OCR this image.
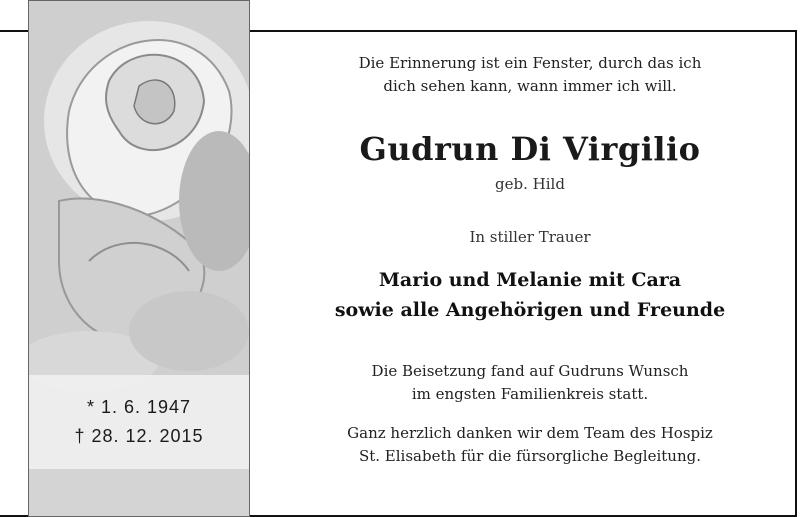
* 1. 6. 1947
† 28. 12. 2015
Die Erinnerung ist ein Fenster, durch das ich
dich sehen kann, wann immer ich will.
Gudrun Di Virgilio
geb. Hild
In stiller Trauer
Mario und Melanie mit Cara
sowie alle Angehörigen und Freunde
Die Beisetzung fand auf Gudruns Wunsch
im engsten Familienkreis statt.
Ganz herzlich danken wir dem Team des Hospiz
St. Elisabeth für die fürsorgliche Begleitung.
